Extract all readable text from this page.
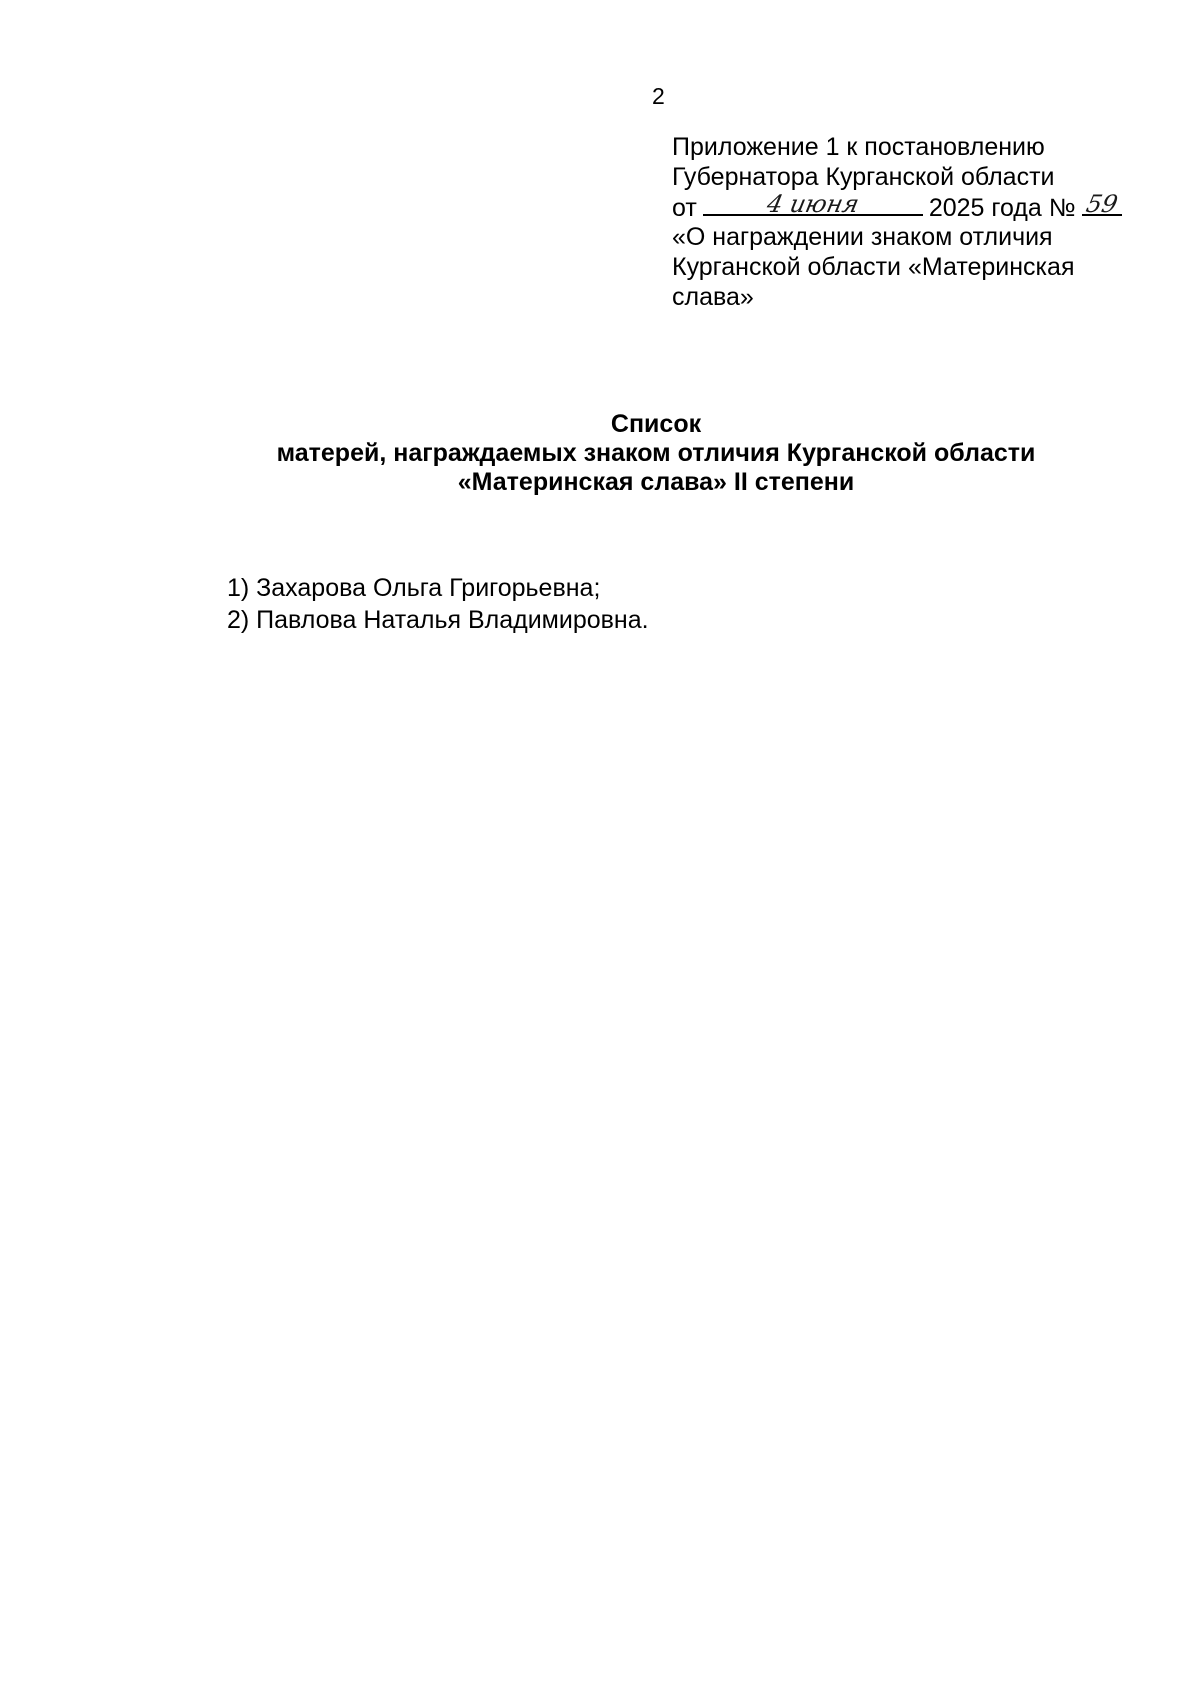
2
Приложение 1 к постановлению
Губернатора Курганской области
от	4 июня	2025 года № 59
«О награждении знаком отличия
Курганской области «Материнская
слава»
Список
матерей, награждаемых знаком отличия Курганской области
«Материнская слава» II степени
1) Захарова Ольга Григорьевна;
2) Павлова Наталья Владимировна.
